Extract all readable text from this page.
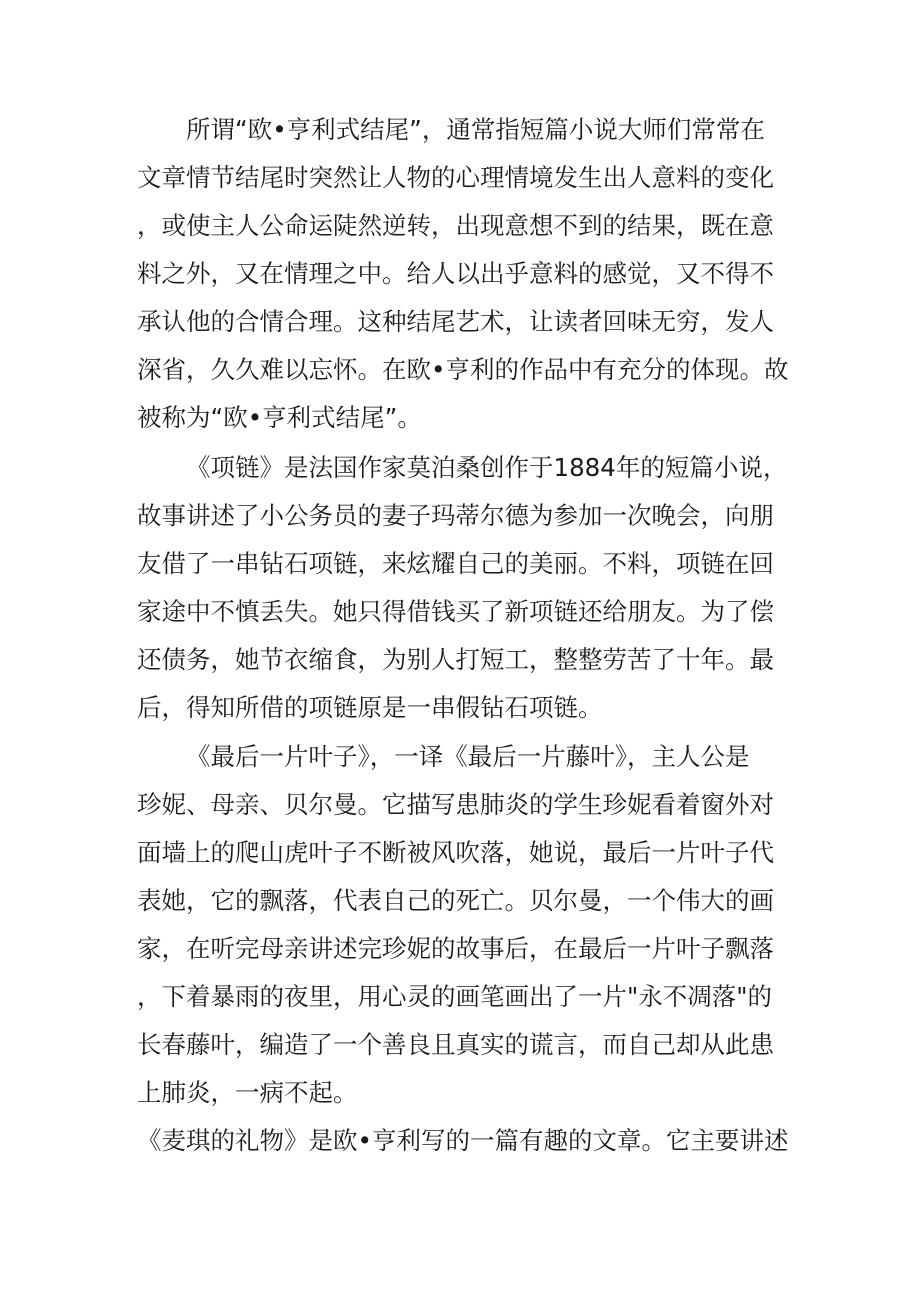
所谓“欧•亨利式结尾”，通常指短篇小说大师们常常在
文章情节结尾时突然让人物的心理情境发生出人意料的变化
，或使主人公命运陡然逆转，出现意想不到的结果，既在意
料之外，又在情理之中。给人以出乎意料的感觉，又不得不
承认他的合情合理。这种结尾艺术，让读者回味无穷，发人
深省，久久难以忘怀。在欧•亨利的作品中有充分的体现。故
被称为“欧•亨利式结尾”。
《项链》是法国作家莫泊桑创作于1884年的短篇小说，
故事讲述了小公务员的妻子玛蒂尔德为参加一次晚会，向朋
友借了一串钻石项链，来炫耀自己的美丽。不料，项链在回
家途中不慎丢失。她只得借钱买了新项链还给朋友。为了偿
还债务，她节衣缩食，为别人打短工，整整劳苦了十年。最
后，得知所借的项链原是一串假钻石项链。
《最后一片叶子》，一译《最后一片藤叶》，主人公是
珍妮、母亲、贝尔曼。它描写患肺炎的学生珍妮看着窗外对
面墙上的爬山虎叶子不断被风吹落，她说，最后一片叶子代
表她，它的飘落，代表自己的死亡。贝尔曼，一个伟大的画
家，在听完母亲讲述完珍妮的故事后，在最后一片叶子飘落
，下着暴雨的夜里，用心灵的画笔画出了一片"永不凋落"的
长春藤叶，编造了一个善良且真实的谎言，而自己却从此患
上肺炎，一病不起。
《麦琪的礼物》是欧•亨利写的一篇有趣的文章。它主要讲述
